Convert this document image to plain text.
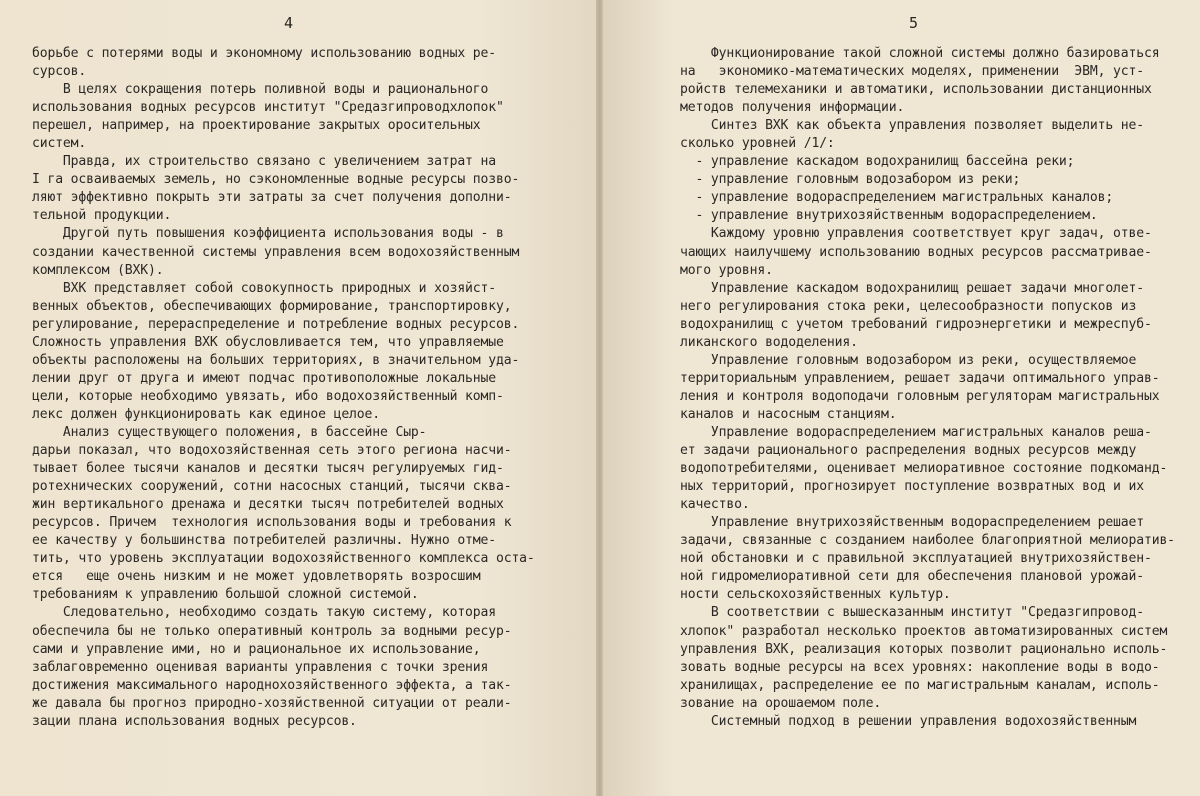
4
борьбе с потерями воды и экономному использованию водных ре-
сурсов.
В целях сокращения потерь поливной воды и рационального
использования водных ресурсов институт "Средазгипроводхлопок"
перешел, например, на проектирование закрытых оросительных
систем.
Правда, их строительство связано с увеличением затрат на
I га осваиваемых земель, но сэкономленные водные ресурсы позво-
ляют эффективно покрыть эти затраты за счет получения дополни-
тельной продукции.
Другой путь повышения коэффициента использования воды - в
создании качественной системы управления всем водохозяйственным
комплексом (ВХК).
ВХК представляет собой совокупность природных и хозяйст-
венных объектов, обеспечивающих формирование, транспортировку,
регулирование, перераспределение и потребление водных ресурсов.
Сложность управления ВХК обусловливается тем, что управляемые
объекты расположены на больших территориях, в значительном уда-
лении друг от друга и имеют подчас противоположные локальные
цели, которые необходимо увязать, ибо водохозяйственный комп-
лекс должен функционировать как единое целое.
Анализ существующего положения, в бассейне Сыр-
дарьи показал, что водохозяйственная сеть этого региона насчи-
тывает более тысячи каналов и десятки тысяч регулируемых гид-
ротехнических сооружений, сотни насосных станций, тысячи сква-
жин вертикального дренажа и десятки тысяч потребителей водных
ресурсов. Причем  технология использования воды и требования к
ее качеству у большинства потребителей различны. Нужно отме-
тить, что уровень эксплуатации водохозяйственного комплекса оста-
ется   еще очень низким и не может удовлетворять возросшим
требованиям к управлению большой сложной системой.
Следовательно, необходимо создать такую систему, которая
обеспечила бы не только оперативный контроль за водными ресур-
сами и управление ими, но и рациональное их использование,
заблаговременно оценивая варианты управления с точки зрения
достижения максимального народнохозяйственного эффекта, а так-
же давала бы прогноз природно-хозяйственной ситуации от реали-
зации плана использования водных ресурсов.
5
Функционирование такой сложной системы должно базироваться
на   экономико-математических моделях, применении  ЭВМ, уст-
ройств телемеханики и автоматики, использовании дистанционных
методов получения информации.
Синтез ВХК как объекта управления позволяет выделить не-
сколько уровней /1/:
- управление каскадом водохранилищ бассейна реки;
- управление головным водозабором из реки;
- управление водораспределением магистральных каналов;
- управление внутрихозяйственным водораспределением.
Каждому уровню управления соответствует круг задач, отве-
чающих наилучшему использованию водных ресурсов рассматривае-
мого уровня.
Управление каскадом водохранилищ решает задачи многолет-
него регулирования стока реки, целесообразности попусков из
водохранилищ с учетом требований гидроэнергетики и межреспуб-
ликанского вододеления.
Управление головным водозабором из реки, осуществляемое
территориальным управлением, решает задачи оптимального управ-
ления и контроля водоподачи головным регуляторам магистральных
каналов и насосным станциям.
Управление водораспределением магистральных каналов реша-
ет задачи рационального распределения водных ресурсов между
водопотребителями, оценивает мелиоративное состояние подкоманд-
ных территорий, прогнозирует поступление возвратных вод и их
качество.
Управление внутрихозяйственным водораспределением решает
задачи, связанные с созданием наиболее благоприятной мелиоратив-
ной обстановки и с правильной эксплуатацией внутрихозяйствен-
ной гидромелиоративной сети для обеспечения плановой урожай-
ности сельскохозяйственных культур.
В соответствии с вышесказанным институт "Средазгипровод-
хлопок" разработал несколько проектов автоматизированных систем
управления ВХК, реализация которых позволит рационально исполь-
зовать водные ресурсы на всех уровнях: накопление воды в водо-
хранилищах, распределение ее по магистральным каналам, исполь-
зование на орошаемом поле.
Системный подход в решении управления водохозяйственным
